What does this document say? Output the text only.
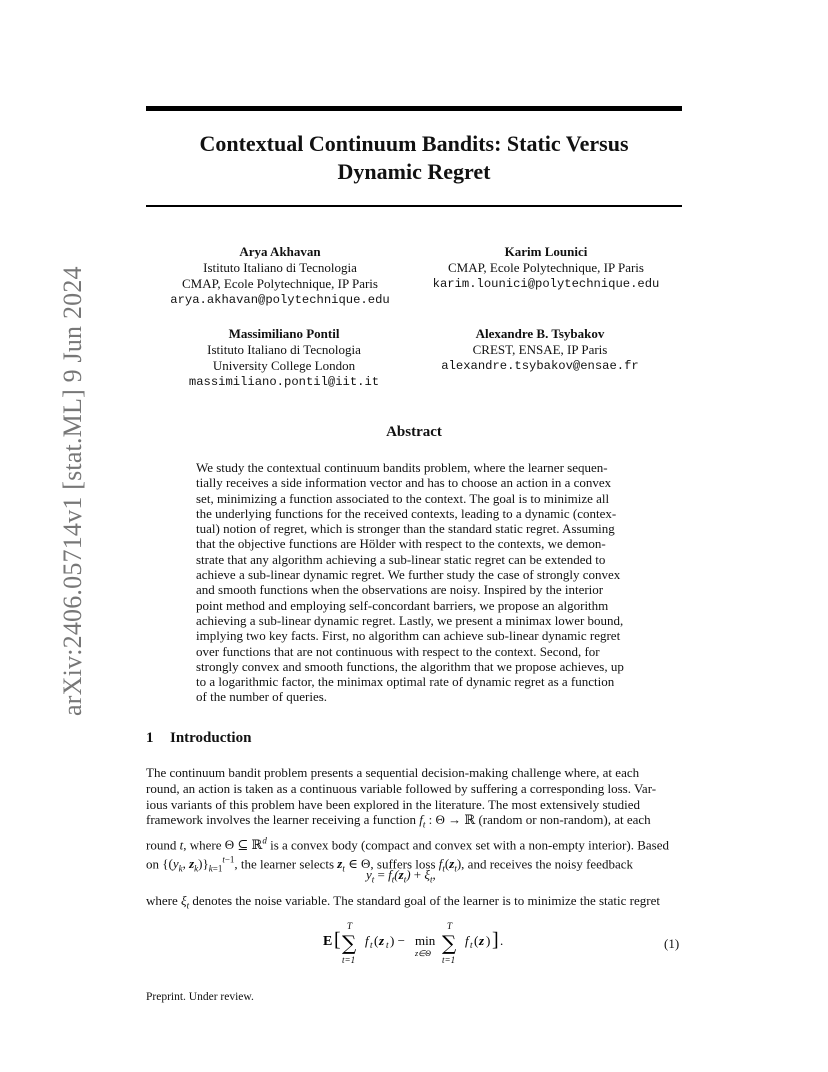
Contextual Continuum Bandits: Static Versus
Dynamic Regret
arXiv:2406.05714v1 [stat.ML] 9 Jun 2024
Arya Akhavan
Istituto Italiano di Tecnologia
CMAP, Ecole Polytechnique, IP Paris
arya.akhavan@polytechnique.edu
Karim Lounici
CMAP, Ecole Polytechnique, IP Paris
karim.lounici@polytechnique.edu
Massimiliano Pontil
Istituto Italiano di Tecnologia
University College London
massimiliano.pontil@iit.it
Alexandre B. Tsybakov
CREST, ENSAE, IP Paris
alexandre.tsybakov@ensae.fr
Abstract
We study the contextual continuum bandits problem, where the learner sequen-
tially receives a side information vector and has to choose an action in a convex
set, minimizing a function associated to the context. The goal is to minimize all
the underlying functions for the received contexts, leading to a dynamic (contex-
tual) notion of regret, which is stronger than the standard static regret. Assuming
that the objective functions are Hölder with respect to the contexts, we demon-
strate that any algorithm achieving a sub-linear static regret can be extended to
achieve a sub-linear dynamic regret. We further study the case of strongly convex
and smooth functions when the observations are noisy. Inspired by the interior
point method and employing self-concordant barriers, we propose an algorithm
achieving a sub-linear dynamic regret. Lastly, we present a minimax lower bound,
implying two key facts. First, no algorithm can achieve sub-linear dynamic regret
over functions that are not continuous with respect to the context. Second, for
strongly convex and smooth functions, the algorithm that we propose achieves, up
to a logarithmic factor, the minimax optimal rate of dynamic regret as a function
of the number of queries.
1 Introduction
The continuum bandit problem presents a sequential decision-making challenge where, at each
round, an action is taken as a continuous variable followed by suffering a corresponding loss. Var-
ious variants of this problem have been explored in the literature. The most extensively studied
framework involves the learner receiving a function $f_t$ : Θ → ℝ (random or non-random), at each
round t, where Θ ⊆ ℝ$^d$ is a convex body (compact and convex set with a non-empty interior). Based
on {($y_k$, $z_k)\}_{k=1}^{t-1}$, the learner selects $z_t$ ∈ Θ, suffers loss $f_t(z_t)$, and receives the noisy feedback
$y_t = f_t(z_t) + \xi_t$,
where $\xi_t$ denotes the noise variable. The standard goal of the learner is to minimize the static regret
E [
T
∑
t=1
f t ( z t ) − min
z∈Θ
T
∑
t=1
f t ( z ) ] .	(1)
Preprint. Under review.
